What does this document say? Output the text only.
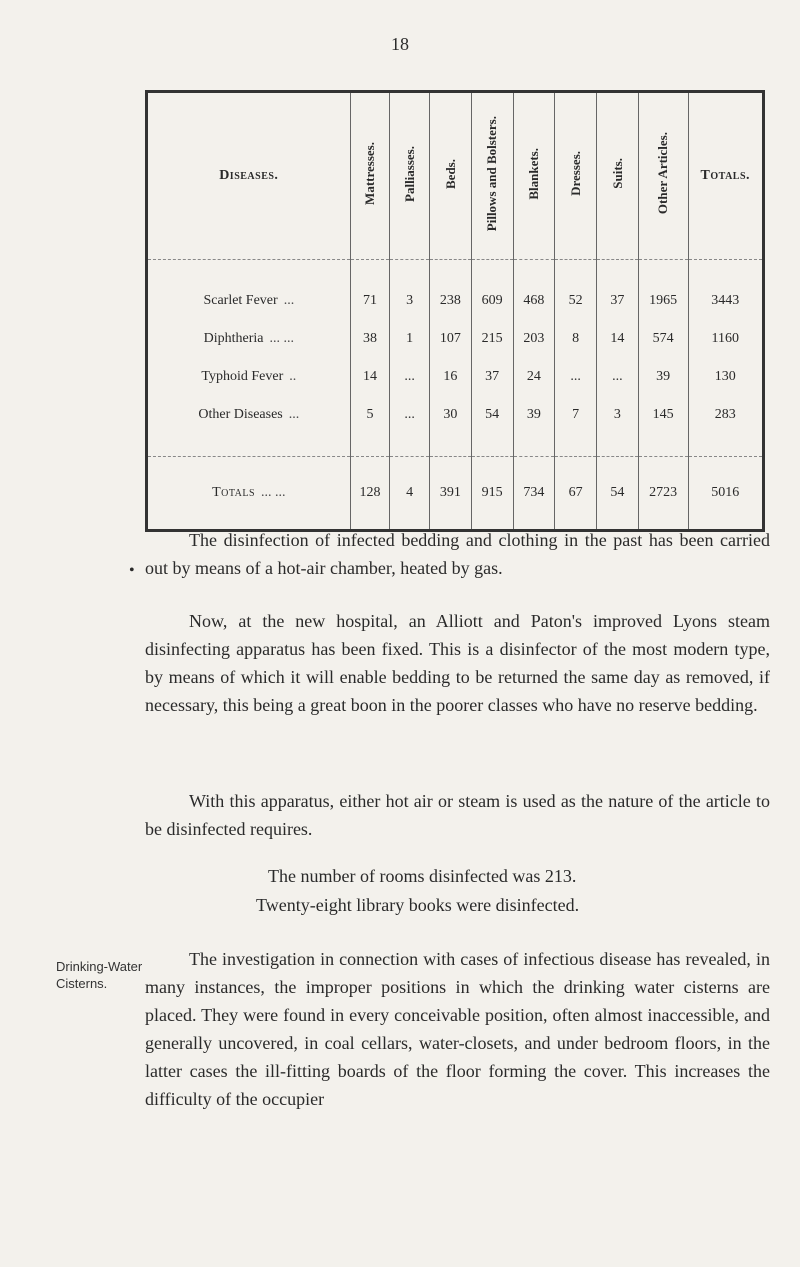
18
Diseases.	Mattresses.	Palliasses.	Beds.	Pillows and Bolsters.	Blankets.	Dresses.	Suits.	Other Articles.	Totals.
Scarlet Fever ...	71	3	238	609	468	52	37	1965	3443
Diphtheria ... ...	38	1	107	215	203	8	14	574	1160
Typhoid Fever ..	14	...	16	37	24	...	...	39	130
Other Diseases ...	5	...	30	54	39	7	3	145	283
Totals ... ...	128	4	391	915	734	67	54	2723	5016
•
The disinfection of infected bedding and clothing in the past has been carried out by means of a hot-air chamber, heated by gas.
Now, at the new hospital, an Alliott and Paton's improved Lyons steam disinfecting apparatus has been fixed. This is a disinfector of the most modern type, by means of which it will enable bedding to be returned the same day as removed, if necessary, this being a great boon in the poorer classes who have no reserve bedding.
With this apparatus, either hot air or steam is used as the nature of the article to be disinfected requires.
The number of rooms disinfected was 213.
Twenty-eight library books were disinfected.
The investigation in connection with cases of infectious disease has revealed, in many instances, the improper positions in which the drinking water cisterns are placed. They were found in every conceivable position, often almost inaccessible, and generally uncovered, in coal cellars, water-closets, and under bedroom floors, in the latter cases the ill-fitting boards of the floor forming the cover. This increases the difficulty of the occupier
Drinking-Water Cisterns.
